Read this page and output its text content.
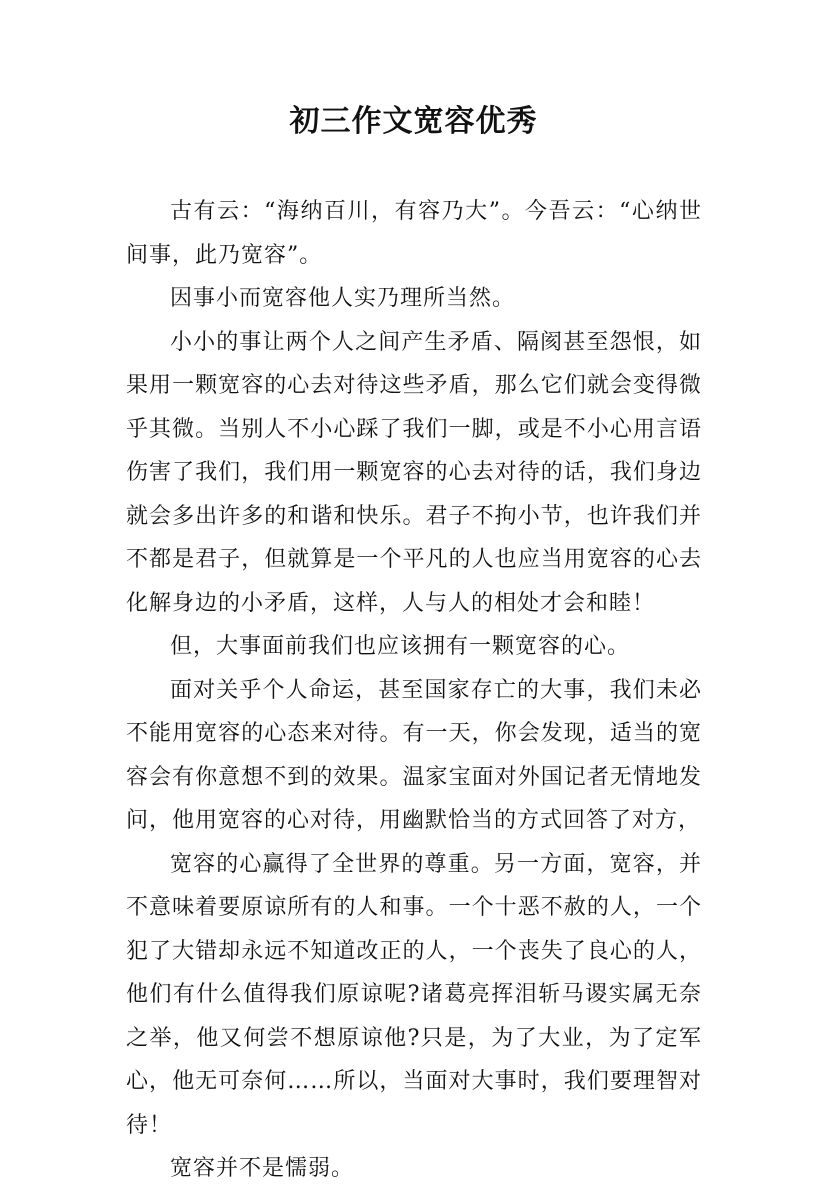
初三作文宽容优秀

古有云：“海纳百川，有容乃大”。今吾云：“心纳世间事，此乃宽容”。

因事小而宽容他人实乃理所当然。

小小的事让两个人之间产生矛盾、隔阂甚至怨恨，如果用一颗宽容的心去对待这些矛盾，那么它们就会变得微乎其微。当别人不小心踩了我们一脚，或是不小心用言语伤害了我们，我们用一颗宽容的心去对待的话，我们身边就会多出许多的和谐和快乐。君子不拘小节，也许我们并不都是君子，但就算是一个平凡的人也应当用宽容的心去化解身边的小矛盾，这样，人与人的相处才会和睦！

但，大事面前我们也应该拥有一颗宽容的心。

面对关乎个人命运，甚至国家存亡的大事，我们未必不能用宽容的心态来对待。有一天，你会发现，适当的宽容会有你意想不到的效果。温家宝面对外国记者无情地发问，他用宽容的心对待，用幽默恰当的方式回答了对方，

宽容的心赢得了全世界的尊重。另一方面，宽容，并不意味着要原谅所有的人和事。一个十恶不赦的人，一个犯了大错却永远不知道改正的人，一个丧失了良心的人，他们有什么值得我们原谅呢?诸葛亮挥泪斩马谡实属无奈之举，他又何尝不想原谅他?只是，为了大业，为了定军心，他无可奈何……所以，当面对大事时，我们要理智对待！

宽容并不是懦弱。
